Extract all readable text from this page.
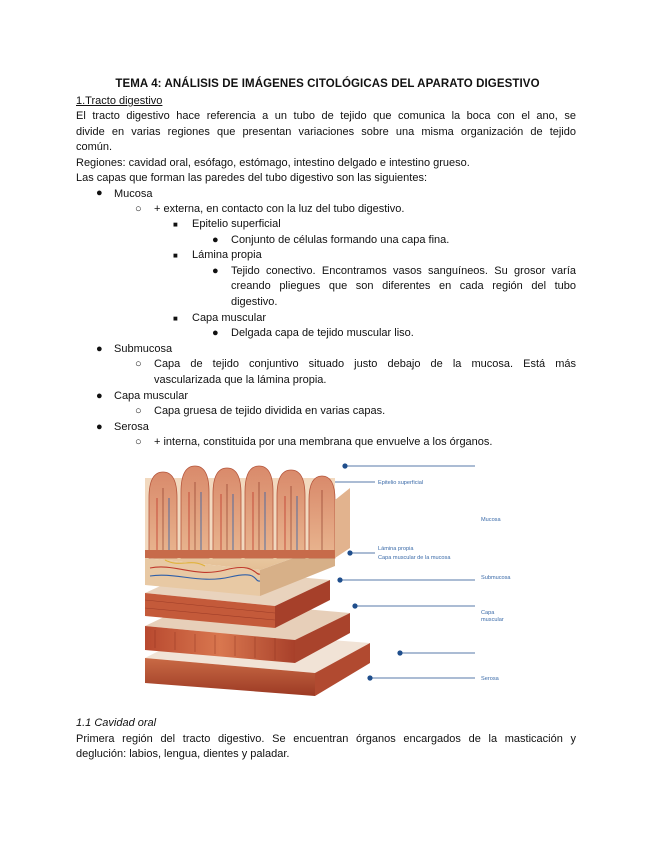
TEMA 4: ANÁLISIS DE IMÁGENES CITOLÓGICAS DEL APARATO DIGESTIVO
1.Tracto digestivo
El tracto digestivo hace referencia a un tubo de tejido que comunica la boca con el ano, se
divide en varias regiones que presentan variaciones sobre una misma organización de tejido
común.
Regiones: cavidad oral, esófago, estómago, intestino delgado e intestino grueso.
Las capas que forman las paredes del tubo digestivo son las siguientes:
● Mucosa
○ + externa, en contacto con la luz del tubo digestivo.
■ Epitelio superficial
● Conjunto de células formando una capa fina.
■ Lámina propia
● Tejido conectivo. Encontramos vasos sanguíneos. Su grosor varía
creando pliegues que son diferentes en cada región del tubo
digestivo.
■ Capa muscular
● Delgada capa de tejido muscular liso.
● Submucosa
○ Capa de tejido conjuntivo situado justo debajo de la mucosa. Está más
vascularizada que la lámina propia.
● Capa muscular
○ Capa gruesa de tejido dividida en varias capas.
● Serosa
○ + interna, constituida por una membrana que envuelve a los órganos.
Epitelio superficial
Mucosa
Lámina propia
Capa muscular de la mucosa
Submucosa
Capa
muscular
Serosa
1.1 Cavidad oral
Primera región del tracto digestivo. Se encuentran órganos encargados de la masticación y
deglución: labios, lengua, dientes y paladar.
